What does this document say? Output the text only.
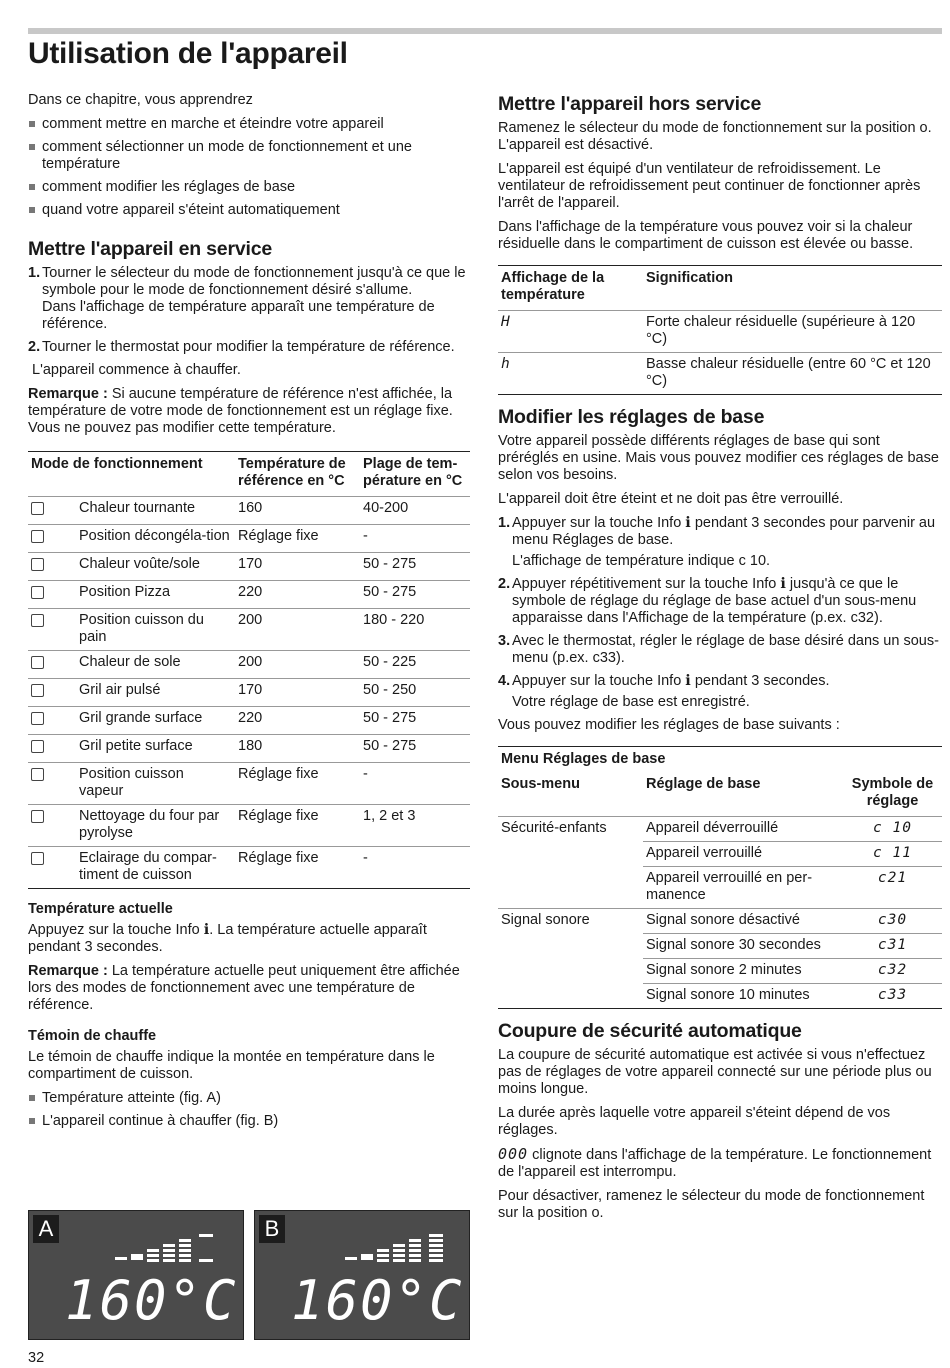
Utilisation de l'appareil

Dans ce chapitre, vous apprendrez

comment mettre en marche et éteindre votre appareil
comment sélectionner un mode de fonctionnement et une température
comment modifier les réglages de base
quand votre appareil s'éteint automatiquement
Mettre l'appareil en service
1. Tourner le sélecteur du mode de fonctionnement jusqu'à ce que le symbole pour le mode de fonctionnement désiré s'allume.
Dans l'affichage de température apparaît une température de référence.
2. Tourner le thermostat pour modifier la température de référence.

L'appareil commence à chauffer.

Remarque : Si aucune température de référence n'est affichée, la température de votre mode de fonctionnement est un réglage fixe. Vous ne pouvez pas modifier cette température.

Mode de fonctionnement		Température de référence en °C	Plage de tem-pérature en °C
	Chaleur tournante	160	40-200
	Position décongéla-tion	Réglage fixe	-
	Chaleur voûte/sole	170	50 - 275
	Position Pizza	220	50 - 275
	Position cuisson du pain	200	180 - 220
	Chaleur de sole	200	50 - 225
	Gril air pulsé	170	50 - 250
	Gril grande surface	220	50 - 275
	Gril petite surface	180	50 - 275
	Position cuisson vapeur	Réglage fixe	-
	Nettoyage du four par pyrolyse	Réglage fixe	1, 2 et 3
	Eclairage du compar-timent de cuisson	Réglage fixe	-
Température actuelle

Appuyez sur la touche Info ℹ. La température actuelle apparaît pendant 3 secondes.

Remarque : La température actuelle peut uniquement être affichée lors des modes de fonctionnement avec une température de référence.

Témoin de chauffe

Le témoin de chauffe indique la montée en température dans le compartiment de cuisson.

Température atteinte (fig. A)
L'appareil continue à chauffer (fig. B)
A
160°C
B
160°C
Mettre l'appareil hors service

Ramenez le sélecteur du mode de fonctionnement sur la position o. L'appareil est désactivé.

L'appareil est équipé d'un ventilateur de refroidissement. Le ventilateur de refroidissement peut continuer de fonctionner après l'arrêt de l'appareil.

Dans l'affichage de la température vous pouvez voir si la chaleur résiduelle dans le compartiment de cuisson est élevée ou basse.

Affichage de la température	Signification
H	Forte chaleur résiduelle (supérieure à 120 °C)
h	Basse chaleur résiduelle (entre 60 °C et 120 °C)
Modifier les réglages de base

Votre appareil possède différents réglages de base qui sont préréglés en usine. Mais vous pouvez modifier ces réglages de base selon vos besoins.

L'appareil doit être éteint et ne doit pas être verrouillé.

1. Appuyer sur la touche Info ℹ pendant 3 secondes pour parvenir au menu Réglages de base.
L'affichage de température indique c 10.
2. Appuyer répétitivement sur la touche Info ℹ jusqu'à ce que le symbole de réglage du réglage de base actuel d'un sous-menu apparaisse dans l'Affichage de la température (p.ex. c32).
3. Avec le thermostat, régler le réglage de base désiré dans un sous-menu (p.ex. c33).
4. Appuyer sur la touche Info ℹ pendant 3 secondes.
Votre réglage de base est enregistré.

Vous pouvez modifier les réglages de base suivants :

Menu Réglages de base		
Sous-menu	Réglage de base	Symbole de réglage
Sécurité-enfants	Appareil déverrouillé	c 10
	Appareil verrouillé	c 11
	Appareil verrouillé en per-manence	c21
Signal sonore	Signal sonore désactivé	c30
	Signal sonore 30 secondes	c31
	Signal sonore 2 minutes	c32
	Signal sonore 10 minutes	c33
Coupure de sécurité automatique

La coupure de sécurité automatique est activée si vous n'effectuez pas de réglages de votre appareil connecté sur une période plus ou moins longue.

La durée après laquelle votre appareil s'éteint dépend de vos réglages.

000 clignote dans l'affichage de la température. Le fonctionnement de l'appareil est interrompu.

Pour désactiver, ramenez le sélecteur du mode de fonctionnement sur la position o.

32
